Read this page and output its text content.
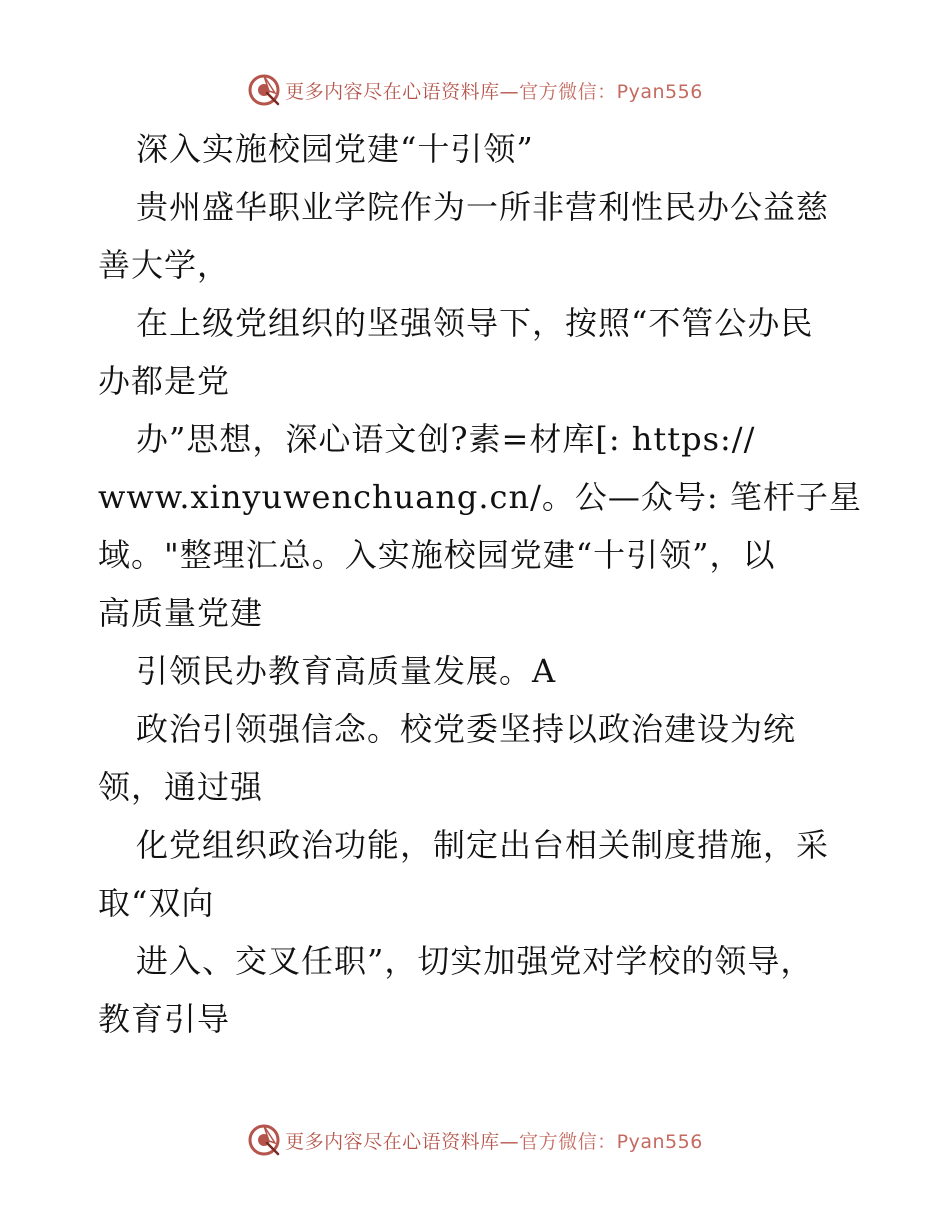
更多内容尽在心语资料库—官方微信：Pyan556
深入实施校园党建“十引领”
贵州盛华职业学院作为一所非营利性民办公益慈
善大学，
在上级党组织的坚强领导下，按照“不管公办民
办都是党
办”思想，深心语文创?素=材库[: https://
www.xinyuwenchuang.cn/。公—众号: 笔杆子星
域。"整理汇总。入实施校园党建“十引领”，以
高质量党建
引领民办教育高质量发展。A
政治引领强信念。校党委坚持以政治建设为统
领，通过强
化党组织政治功能，制定出台相关制度措施，采
取“双向
进入、交叉任职”，切实加强党对学校的领导，
教育引导
更多内容尽在心语资料库—官方微信：Pyan556
